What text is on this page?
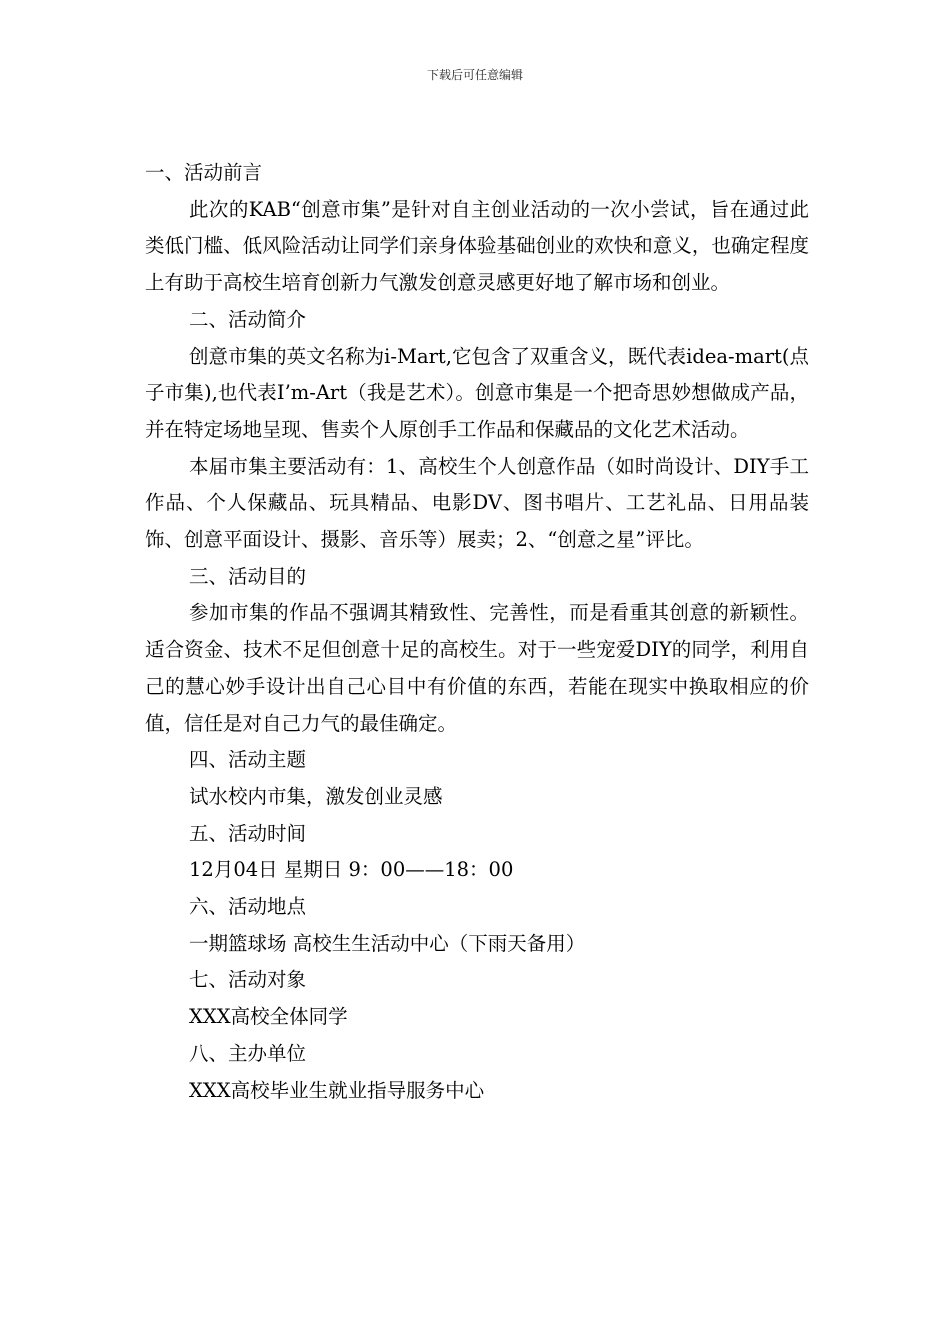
下载后可任意编辑

一、活动前言

此次的KAB“创意市集”是针对自主创业活动的一次小尝试，旨在通过此类低门槛、低风险活动让同学们亲身体验基础创业的欢快和意义，也确定程度上有助于高校生培育创新力气激发创意灵感更好地了解市场和创业。

二、活动简介

创意市集的英文名称为i-Mart,它包含了双重含义，既代表idea-mart(点子市集),也代表I’m-Art（我是艺术）。创意市集是一个把奇思妙想做成产品，并在特定场地呈现、售卖个人原创手工作品和保藏品的文化艺术活动。

本届市集主要活动有：1、高校生个人创意作品（如时尚设计、DIY手工作品、个人保藏品、玩具精品、电影DV、图书唱片、工艺礼品、日用品装饰、创意平面设计、摄影、音乐等）展卖；2、“创意之星”评比。

三、活动目的

参加市集的作品不强调其精致性、完善性，而是看重其创意的新颖性。适合资金、技术不足但创意十足的高校生。对于一些宠爱DIY的同学，利用自己的慧心妙手设计出自己心目中有价值的东西，若能在现实中换取相应的价值，信任是对自己力气的最佳确定。

四、活动主题

试水校内市集，激发创业灵感

五、活动时间

12月04日 星期日 9：00——18：00

六、活动地点

一期篮球场 高校生生活动中心（下雨天备用）

七、活动对象

XXX高校全体同学

八、主办单位

XXX高校毕业生就业指导服务中心
